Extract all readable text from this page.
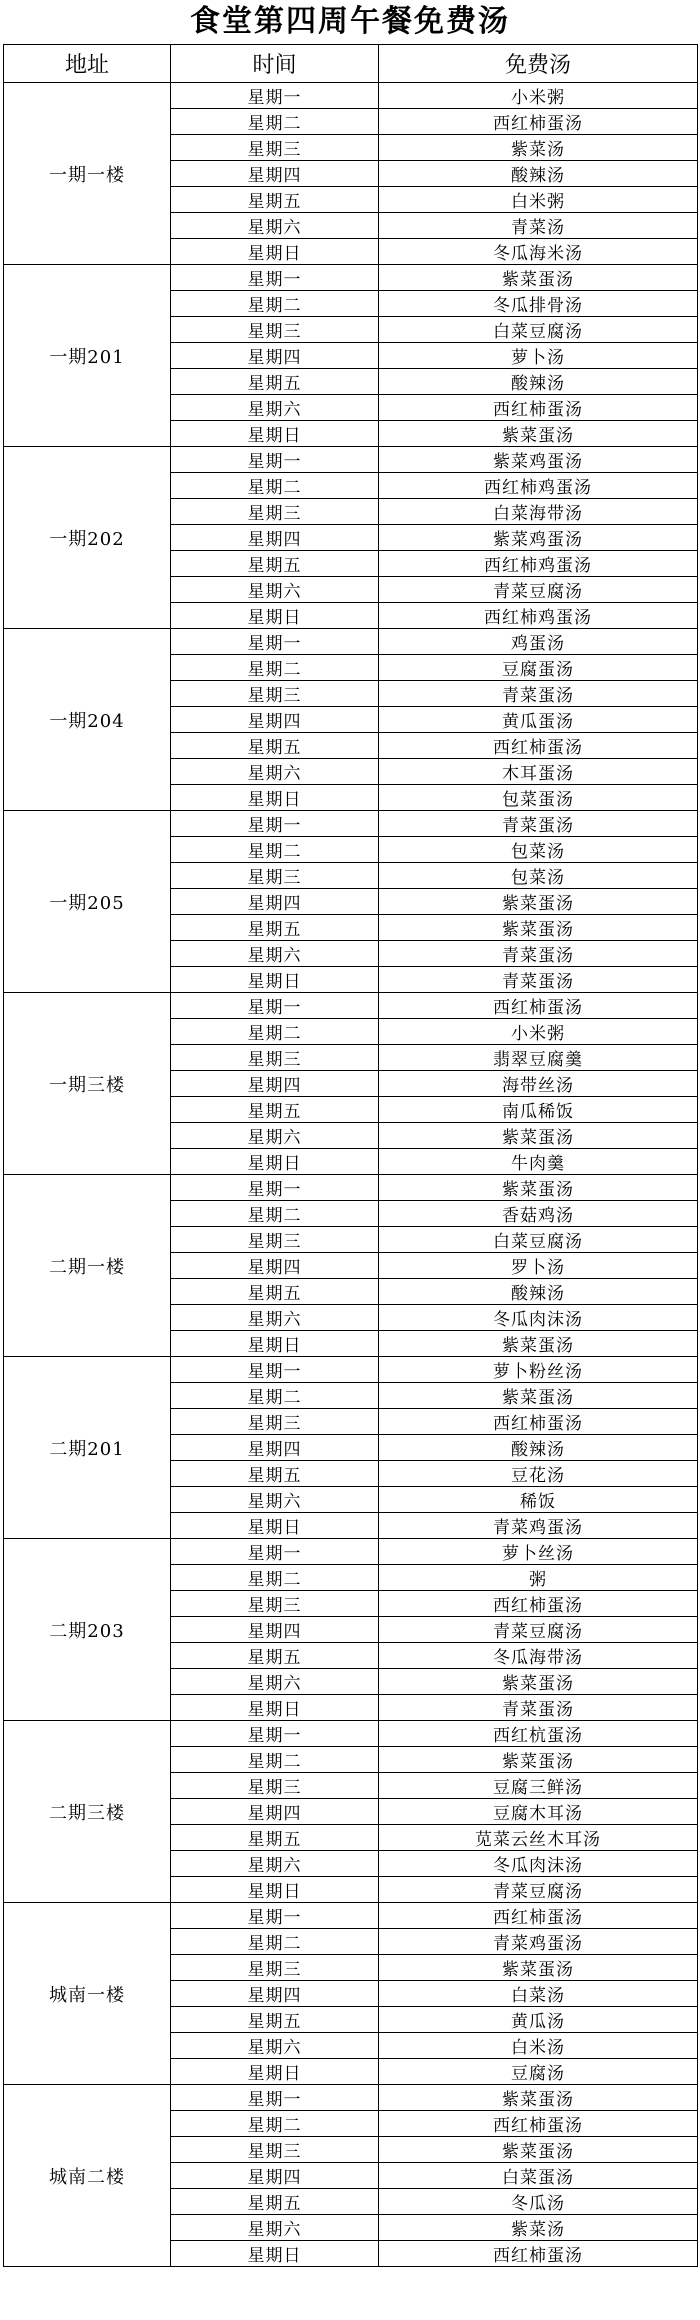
食堂第四周午餐免费汤
地址	时间	免费汤
一期一楼	星期一	小米粥
	星期二	西红柿蛋汤
	星期三	紫菜汤
	星期四	酸辣汤
	星期五	白米粥
	星期六	青菜汤
	星期日	冬瓜海米汤
一期201	星期一	紫菜蛋汤
	星期二	冬瓜排骨汤
	星期三	白菜豆腐汤
	星期四	萝卜汤
	星期五	酸辣汤
	星期六	西红柿蛋汤
	星期日	紫菜蛋汤
一期202	星期一	紫菜鸡蛋汤
	星期二	西红柿鸡蛋汤
	星期三	白菜海带汤
	星期四	紫菜鸡蛋汤
	星期五	西红柿鸡蛋汤
	星期六	青菜豆腐汤
	星期日	西红柿鸡蛋汤
一期204	星期一	鸡蛋汤
	星期二	豆腐蛋汤
	星期三	青菜蛋汤
	星期四	黄瓜蛋汤
	星期五	西红柿蛋汤
	星期六	木耳蛋汤
	星期日	包菜蛋汤
一期205	星期一	青菜蛋汤
	星期二	包菜汤
	星期三	包菜汤
	星期四	紫菜蛋汤
	星期五	紫菜蛋汤
	星期六	青菜蛋汤
	星期日	青菜蛋汤
一期三楼	星期一	西红柿蛋汤
	星期二	小米粥
	星期三	翡翠豆腐羹
	星期四	海带丝汤
	星期五	南瓜稀饭
	星期六	紫菜蛋汤
	星期日	牛肉羹
二期一楼	星期一	紫菜蛋汤
	星期二	香菇鸡汤
	星期三	白菜豆腐汤
	星期四	罗卜汤
	星期五	酸辣汤
	星期六	冬瓜肉沫汤
	星期日	紫菜蛋汤
二期201	星期一	萝卜粉丝汤
	星期二	紫菜蛋汤
	星期三	西红柿蛋汤
	星期四	酸辣汤
	星期五	豆花汤
	星期六	稀饭
	星期日	青菜鸡蛋汤
二期203	星期一	萝卜丝汤
	星期二	粥
	星期三	西红柿蛋汤
	星期四	青菜豆腐汤
	星期五	冬瓜海带汤
	星期六	紫菜蛋汤
	星期日	青菜蛋汤
二期三楼	星期一	西红杭蛋汤
	星期二	紫菜蛋汤
	星期三	豆腐三鲜汤
	星期四	豆腐木耳汤
	星期五	苋菜云丝木耳汤
	星期六	冬瓜肉沫汤
	星期日	青菜豆腐汤
城南一楼	星期一	西红柿蛋汤
	星期二	青菜鸡蛋汤
	星期三	紫菜蛋汤
	星期四	白菜汤
	星期五	黄瓜汤
	星期六	白米汤
	星期日	豆腐汤
城南二楼	星期一	紫菜蛋汤
	星期二	西红柿蛋汤
	星期三	紫菜蛋汤
	星期四	白菜蛋汤
	星期五	冬瓜汤
	星期六	紫菜汤
	星期日	西红柿蛋汤
